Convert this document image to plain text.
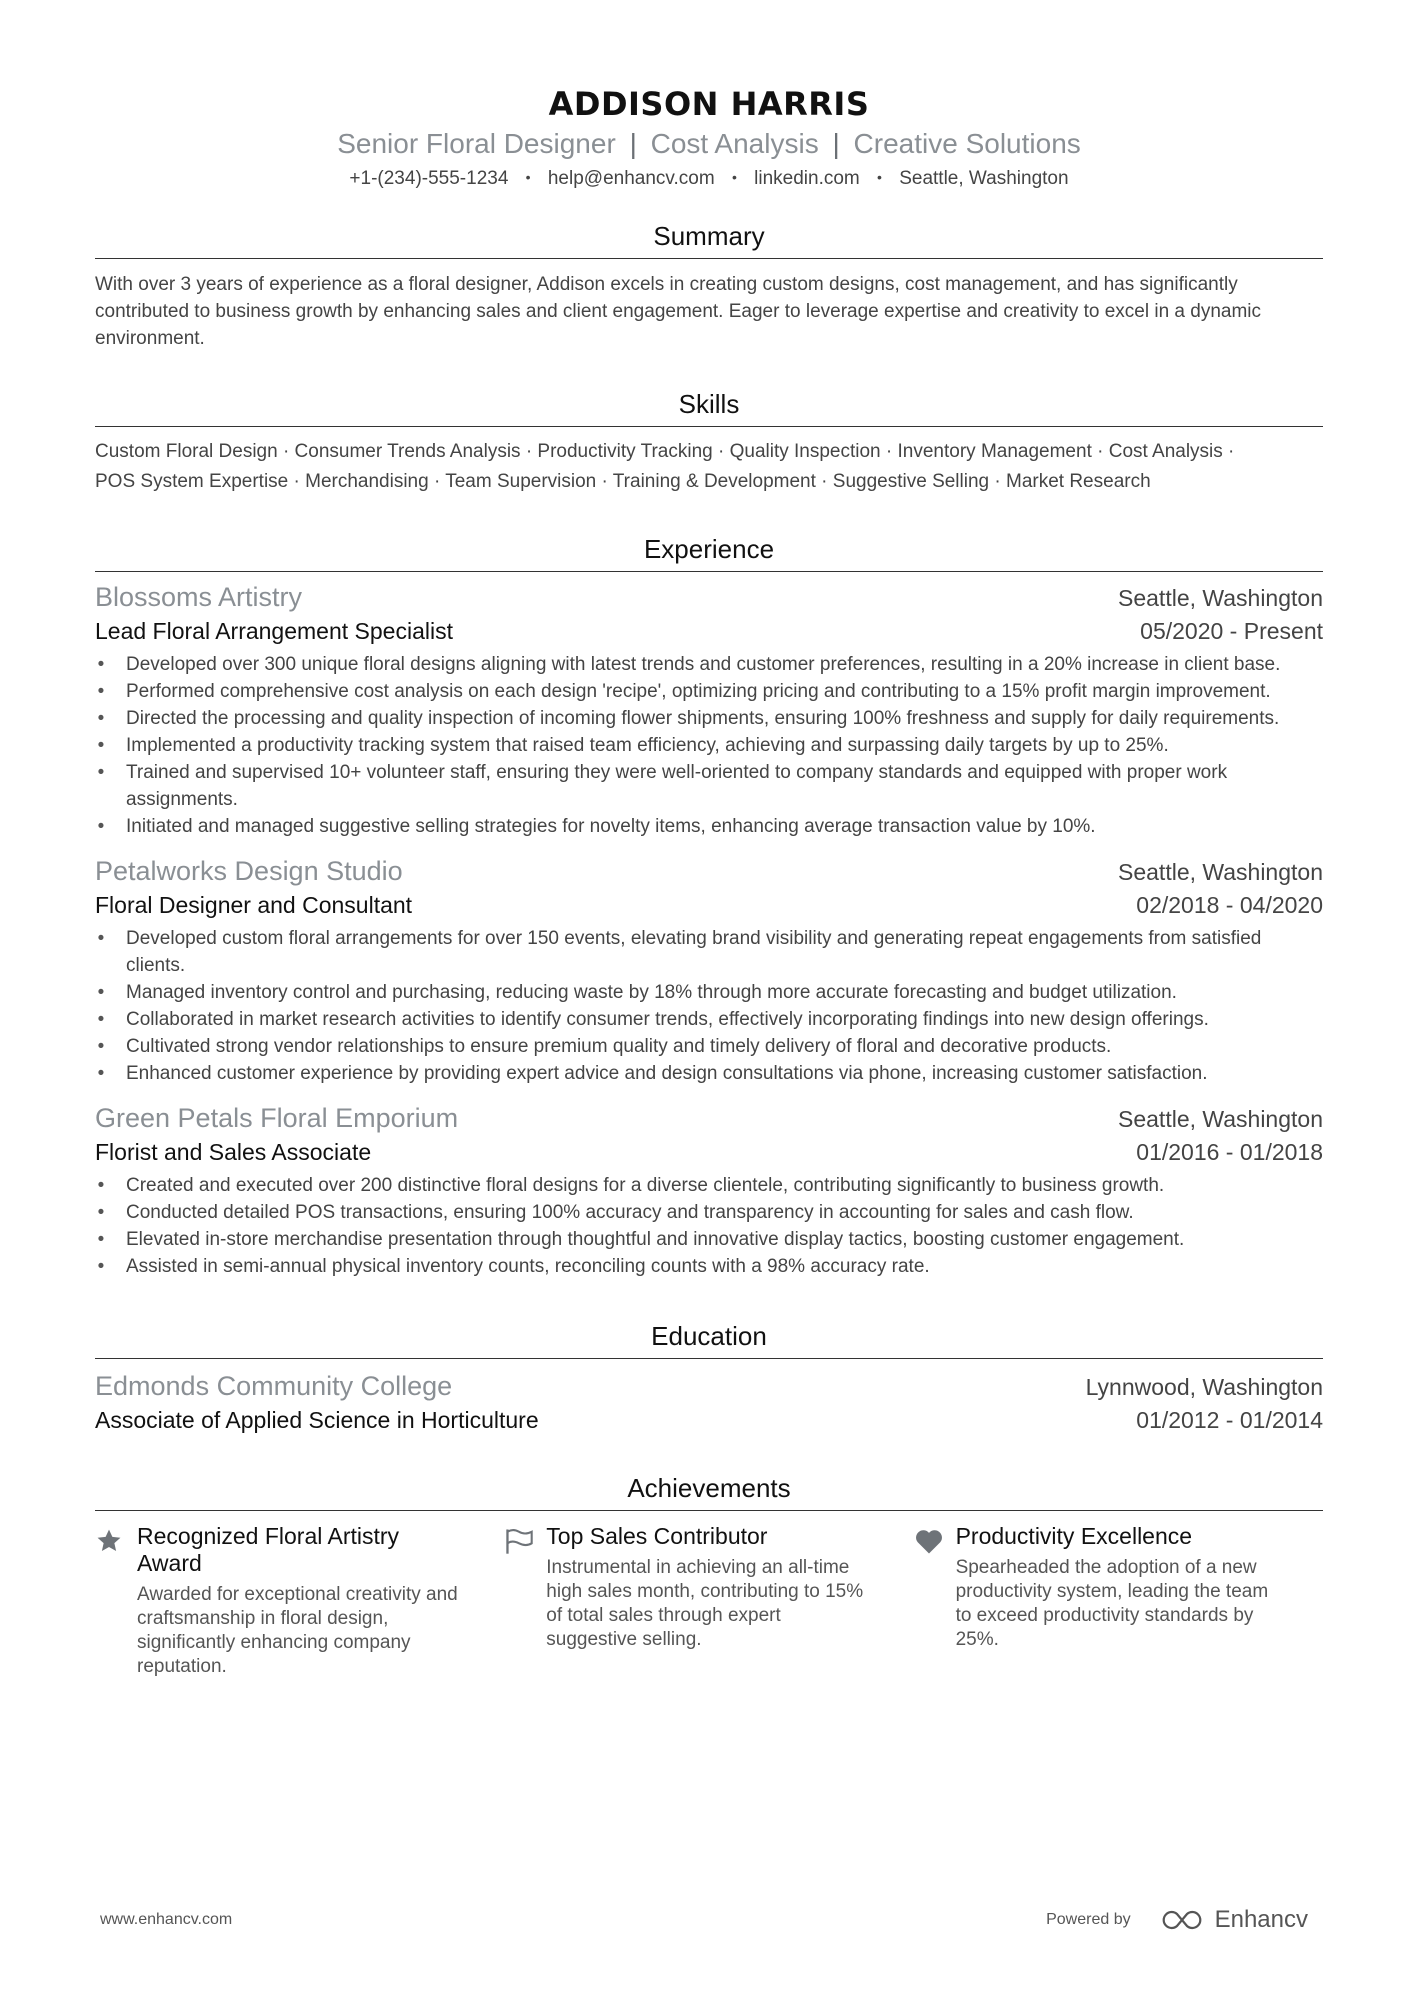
ADDISON HARRIS
Senior Floral Designer | Cost Analysis | Creative Solutions
+1-(234)-555-1234 • help@enhancv.com • linkedin.com • Seattle, Washington
Summary
With over 3 years of experience as a floral designer, Addison excels in creating custom designs, cost management, and has significantly contributed to business growth by enhancing sales and client engagement. Eager to leverage expertise and creativity to excel in a dynamic environment.
Skills
Custom Floral Design · Consumer Trends Analysis · Productivity Tracking · Quality Inspection · Inventory Management · Cost Analysis ·
POS System Expertise · Merchandising · Team Supervision · Training & Development · Suggestive Selling · Market Research
Experience
Blossoms Artistry	Seattle, Washington
Lead Floral Arrangement Specialist	05/2020 - Present
• Developed over 300 unique floral designs aligning with latest trends and customer preferences, resulting in a 20% increase in client base.
• Performed comprehensive cost analysis on each design 'recipe', optimizing pricing and contributing to a 15% profit margin improvement.
• Directed the processing and quality inspection of incoming flower shipments, ensuring 100% freshness and supply for daily requirements.
• Implemented a productivity tracking system that raised team efficiency, achieving and surpassing daily targets by up to 25%.
• Trained and supervised 10+ volunteer staff, ensuring they were well-oriented to company standards and equipped with proper work assignments.
• Initiated and managed suggestive selling strategies for novelty items, enhancing average transaction value by 10%.
Petalworks Design Studio	Seattle, Washington
Floral Designer and Consultant	02/2018 - 04/2020
• Developed custom floral arrangements for over 150 events, elevating brand visibility and generating repeat engagements from satisfied clients.
• Managed inventory control and purchasing, reducing waste by 18% through more accurate forecasting and budget utilization.
• Collaborated in market research activities to identify consumer trends, effectively incorporating findings into new design offerings.
• Cultivated strong vendor relationships to ensure premium quality and timely delivery of floral and decorative products.
• Enhanced customer experience by providing expert advice and design consultations via phone, increasing customer satisfaction.
Green Petals Floral Emporium	Seattle, Washington
Florist and Sales Associate	01/2016 - 01/2018
• Created and executed over 200 distinctive floral designs for a diverse clientele, contributing significantly to business growth.
• Conducted detailed POS transactions, ensuring 100% accuracy and transparency in accounting for sales and cash flow.
• Elevated in-store merchandise presentation through thoughtful and innovative display tactics, boosting customer engagement.
• Assisted in semi-annual physical inventory counts, reconciling counts with a 98% accuracy rate.
Education
Edmonds Community College	Lynnwood, Washington
Associate of Applied Science in Horticulture	01/2012 - 01/2014
Achievements
Recognized Floral Artistry Award
Awarded for exceptional creativity and craftsmanship in floral design, significantly enhancing company reputation.
Top Sales Contributor
Instrumental in achieving an all-time high sales month, contributing to 15% of total sales through expert suggestive selling.
Productivity Excellence
Spearheaded the adoption of a new productivity system, leading the team to exceed productivity standards by 25%.
www.enhancv.com	Powered by	Enhancv
